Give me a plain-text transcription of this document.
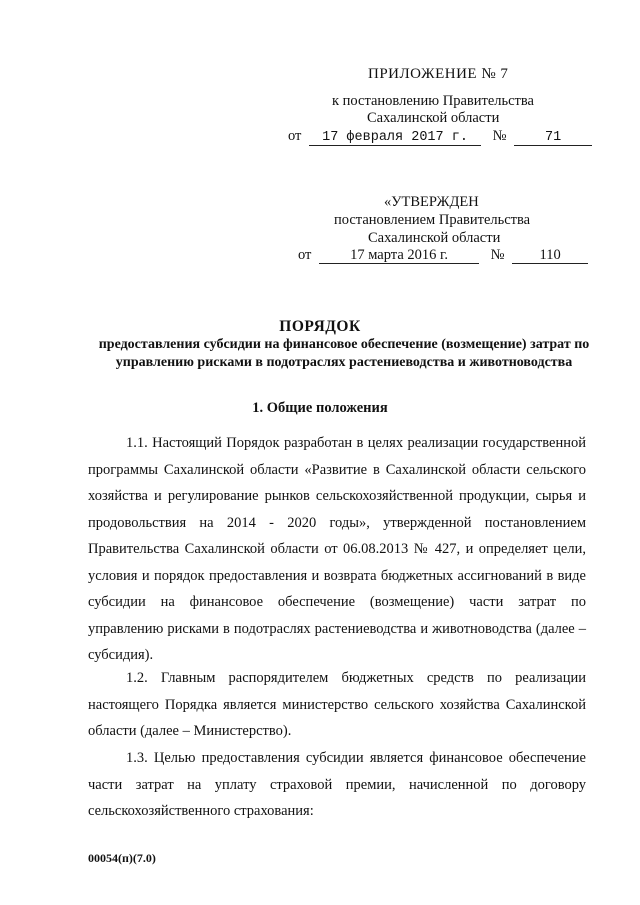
ПРИЛОЖЕНИЕ № 7
к постановлению Правительства
Сахалинской области
от 17 февраля 2017 г. №	71
«УТВЕРЖДЕН
постановлением Правительства
Сахалинской области
от	17 марта 2016 г.	№ 110
ПОРЯДОК
предоставления субсидии на финансовое обеспечение (возмещение) затрат по управлению рисками в подотраслях растениеводства и животноводства
1. Общие положения

1.1. Настоящий Порядок разработан в целях реализации государственной программы Сахалинской области «Развитие в Сахалинской области сельского хозяйства и регулирование рынков сельскохозяйственной продукции, сырья и продовольствия на 2014 - 2020 годы», утвержденной постановлением Правительства Сахалинской области от 06.08.2013 № 427, и определяет цели, условия и порядок предоставления и возврата бюджетных ассигнований в виде субсидии на финансовое обеспечение (возмещение) части затрат по управлению рисками в подотраслях растениеводства и животноводства (далее – субсидия).

1.2. Главным распорядителем бюджетных средств по реализации настоящего Порядка является министерство сельского хозяйства Сахалинской области (далее – Министерство).

1.3. Целью предоставления субсидии является финансовое обеспечение части затрат на уплату страховой премии, начисленной по договору сельскохозяйственного страхования:

00054(п)(7.0)
